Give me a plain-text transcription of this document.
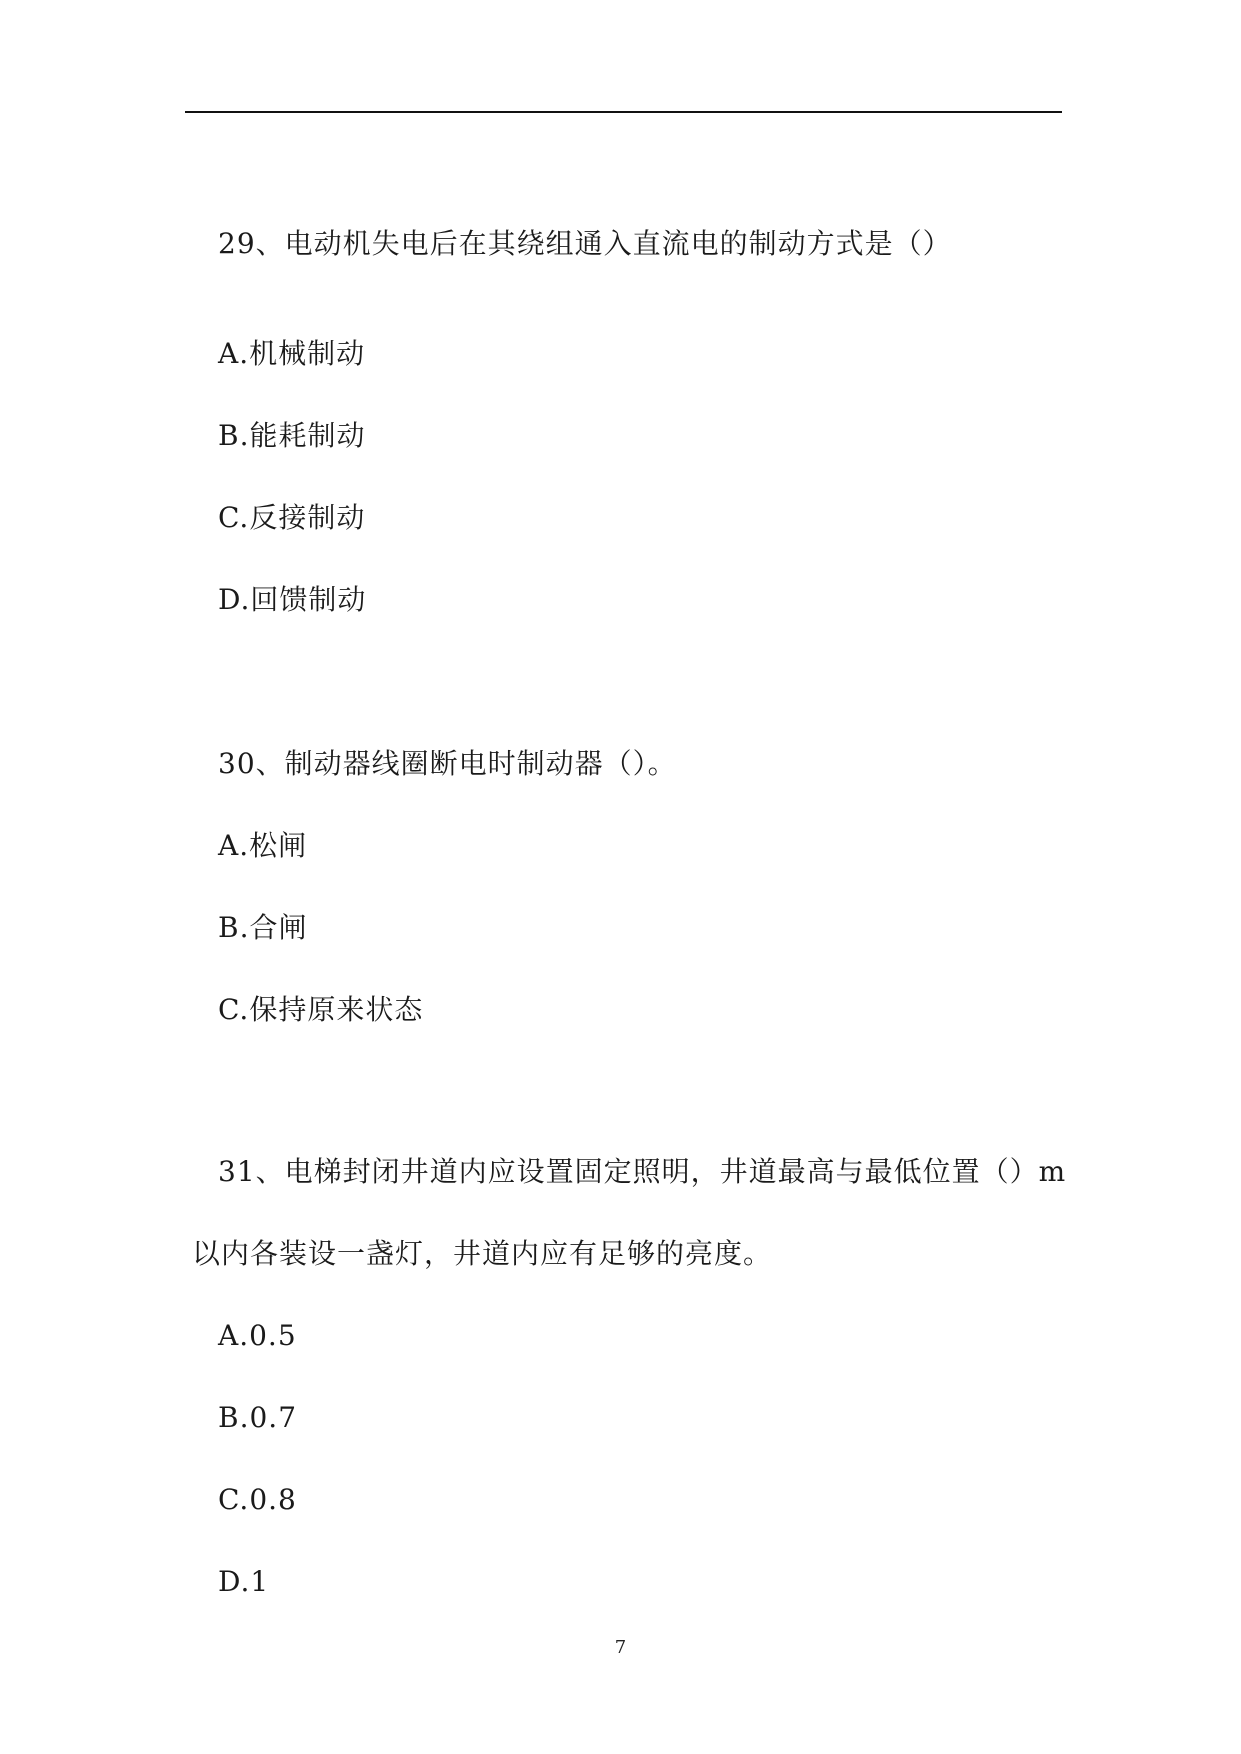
29、电动机失电后在其绕组通入直流电的制动方式是（）
A.机械制动
B.能耗制动
C.反接制动
D.回馈制动
30、制动器线圈断电时制动器（）。
A.松闸
B.合闸
C.保持原来状态
31、电梯封闭井道内应设置固定照明，井道最高与最低位置（）m
以内各装设一盏灯，井道内应有足够的亮度。
A.0.5
B.0.7
C.0.8
D.1
7
